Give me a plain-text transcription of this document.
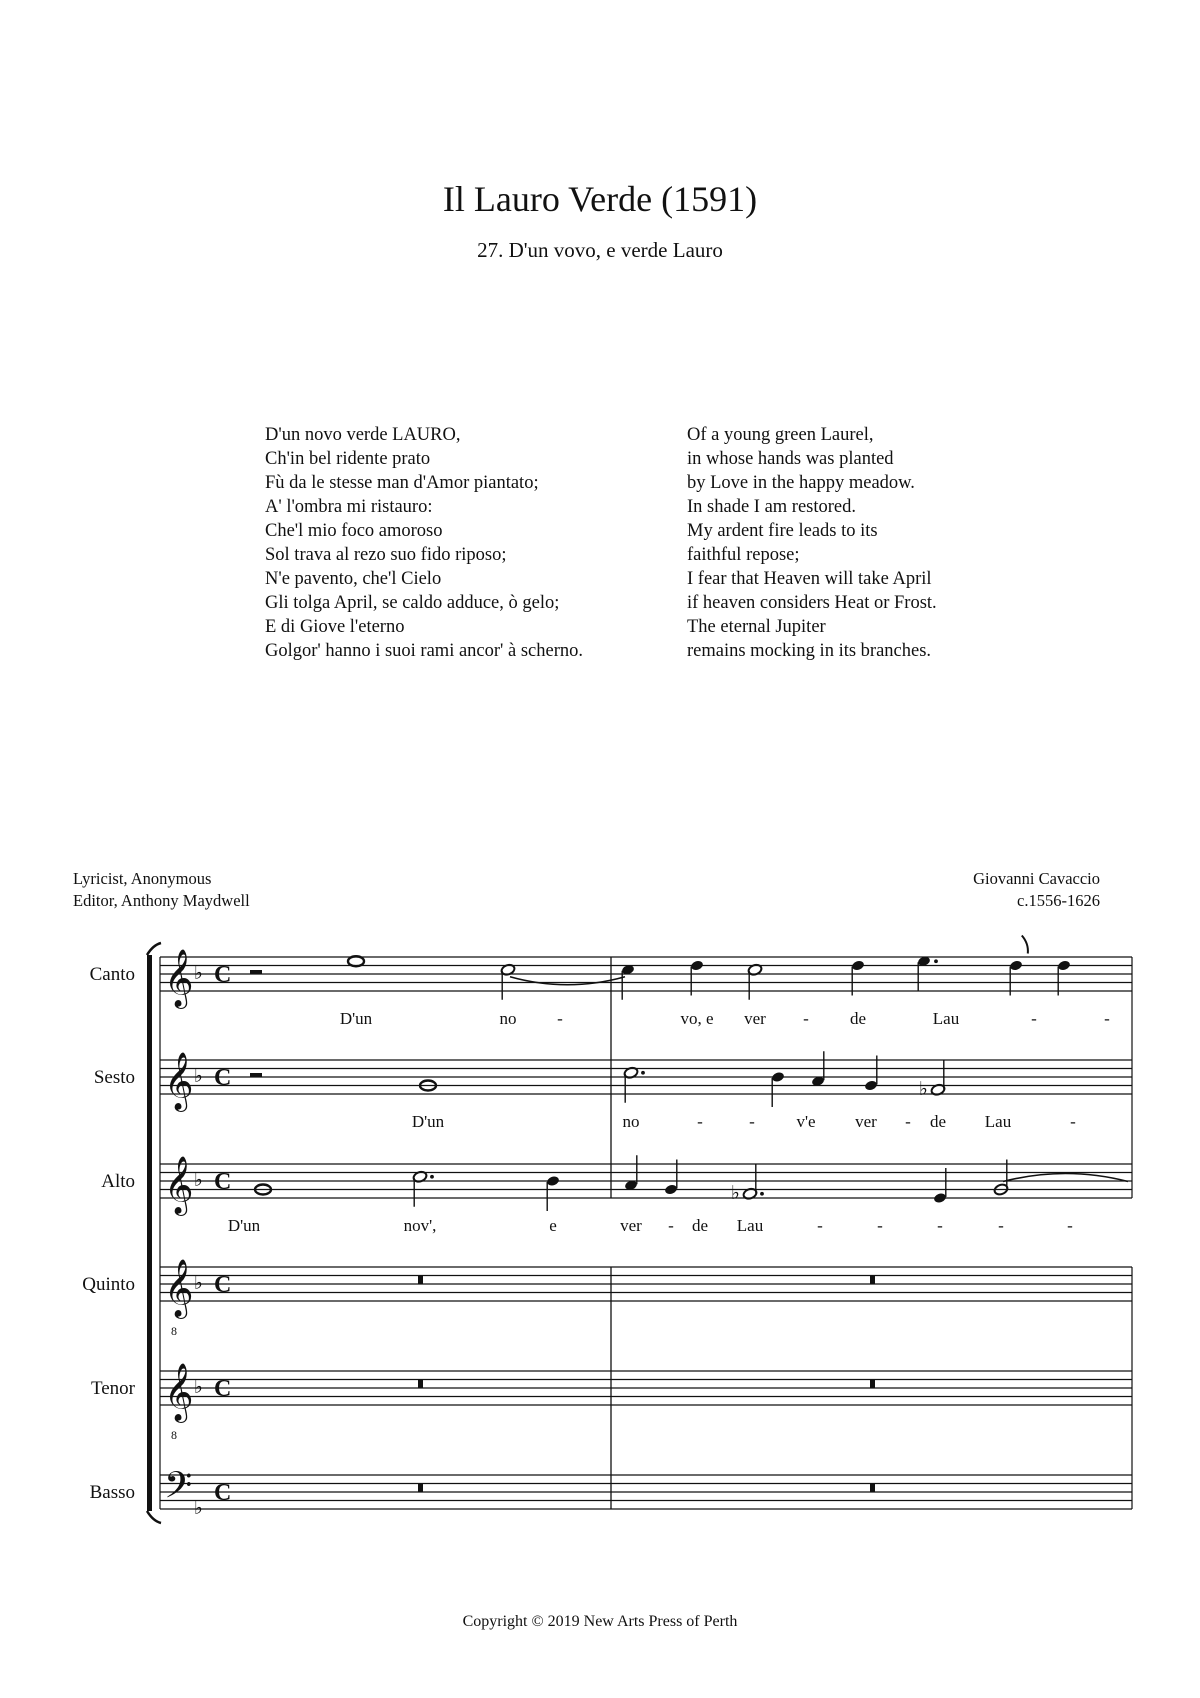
Il Lauro Verde (1591)
27. D'un vovo, e verde Lauro
D'un novo verde LAURO,
Ch'in bel ridente prato
Fù da le stesse man d'Amor piantato;
A' l'ombra mi ristauro:
Che'l mio foco amoroso
Sol trava al rezo suo fido riposo;
N'e pavento, che'l Cielo
Gli tolga April, se caldo adduce, ò gelo;
E di Giove l'eterno
Golgor' hanno i suoi rami ancor' à scherno.
Of a young green Laurel,
in whose hands was planted
by Love in the happy meadow.
In shade I am restored.
My ardent fire leads to its
faithful repose;
I fear that Heaven will take April
if heaven considers Heat or Frost.
The eternal Jupiter
remains mocking in its branches.
Lyricist, Anonymous
Editor, Anthony Maydwell
Giovanni Cavaccio
c.1556-1626
Canto
Sesto
Alto
Quinto
Tenor
Basso
𝄞 ♭ C
𝄞 ♭ C
𝄞 ♭ C
𝄞
8
♭ C
𝄞
8
♭ C
𝄢 ♭
C
♭
♭
D'un	no -	vo, e ver - de	Lau	-	-
D'un	no	-	- v'e ver - de Lau	-
D'un	nov',	e	ver - de Lau	-	-	-	-	-
Copyright © 2019 New Arts Press of Perth
